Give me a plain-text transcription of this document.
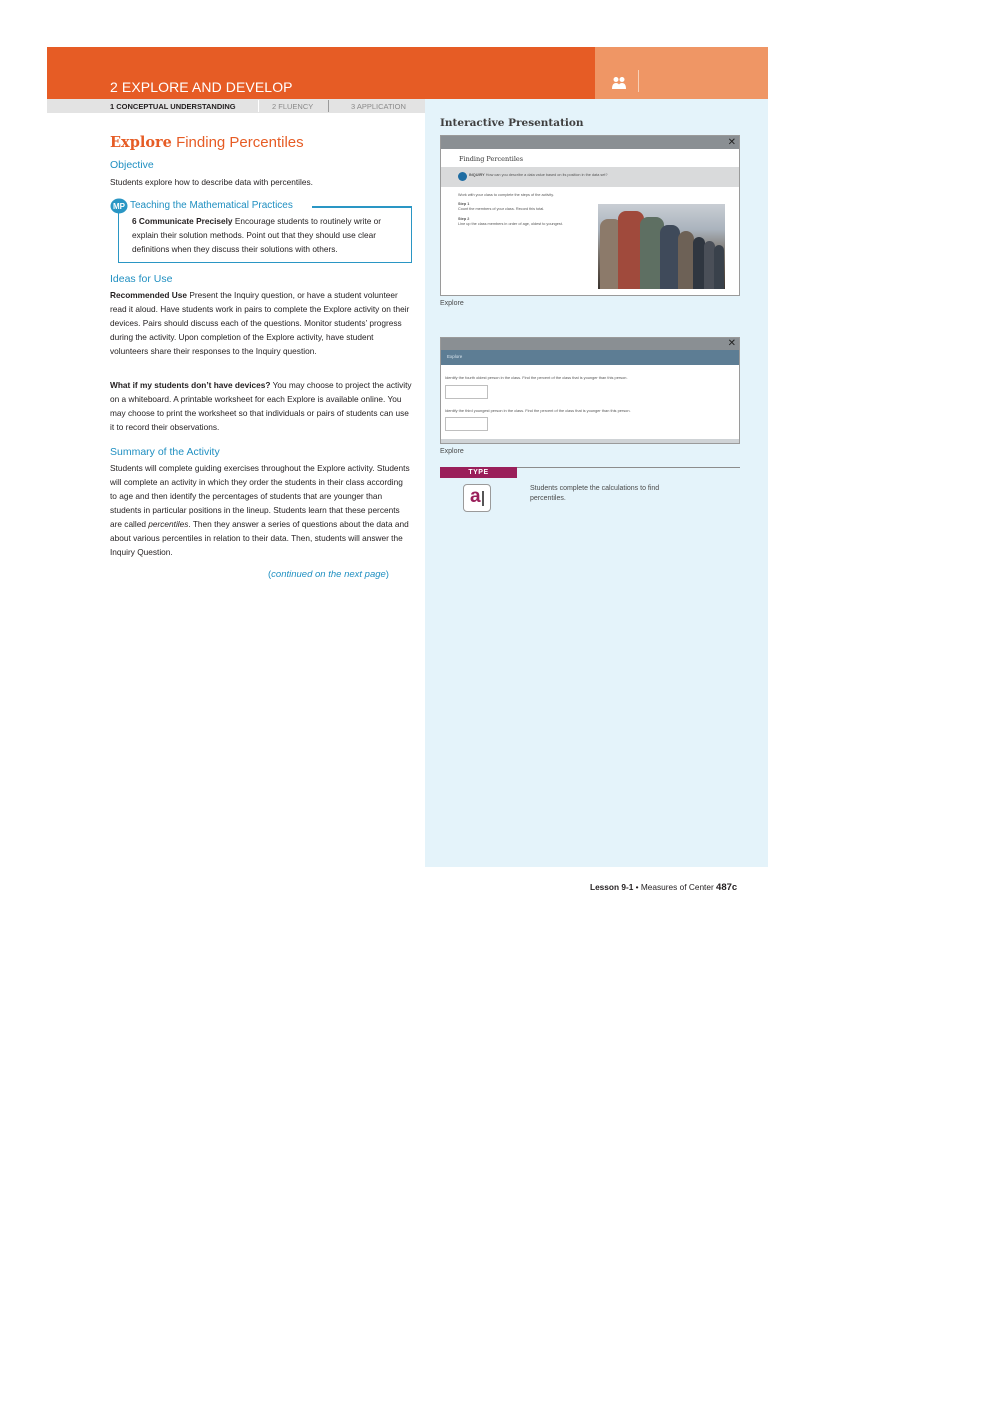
2 EXPLORE AND DEVELOP
1 CONCEPTUAL UNDERSTANDING	2 FLUENCY	3 APPLICATION
Interactive Presentation
Explore Finding Percentiles
Objective
Students explore how to describe data with percentiles.
MP Teaching the Mathematical Practices
6 Communicate Precisely Encourage students to routinely write or explain their solution methods. Point out that they should use clear definitions when they discuss their solutions with others.
Ideas for Use
Recommended Use Present the Inquiry question, or have a student volunteer read it aloud. Have students work in pairs to complete the Explore activity on their devices. Pairs should discuss each of the questions. Monitor students’ progress during the activity. Upon completion of the Explore activity, have student volunteers share their responses to the Inquiry question.
What if my students don’t have devices? You may choose to project the activity on a whiteboard. A printable worksheet for each Explore is available online. You may choose to print the worksheet so that individuals or pairs of students can use it to record their observations.
Summary of the Activity
Students will complete guiding exercises throughout the Explore activity. Students will complete an activity in which they order the students in their class according to age and then identify the percentages of students that are younger than students in particular positions in the lineup. Students learn that these percents are called percentiles. Then they answer a series of questions about the data and about various percentiles in relation to their data. Then, students will answer the Inquiry Question.
(continued on the next page)
✕
Finding Percentiles
INQUIRY How can you describe a data value based on its position in the data set?
Work with your class to complete the steps of the activity.
Step 1
Count the members of your class. Record this total.
Step 2
Line up the class members in order of age, oldest to youngest.
Explore
✕
Explore
Identify the fourth oldest person in the class. Find the percent of the class that is younger than this person.
Identify the third youngest person in the class. Find the percent of the class that is younger than this person.
Explore
TYPE
a	Students complete the calculations to find percentiles.
Lesson 9-1 • Measures of Center 487c
